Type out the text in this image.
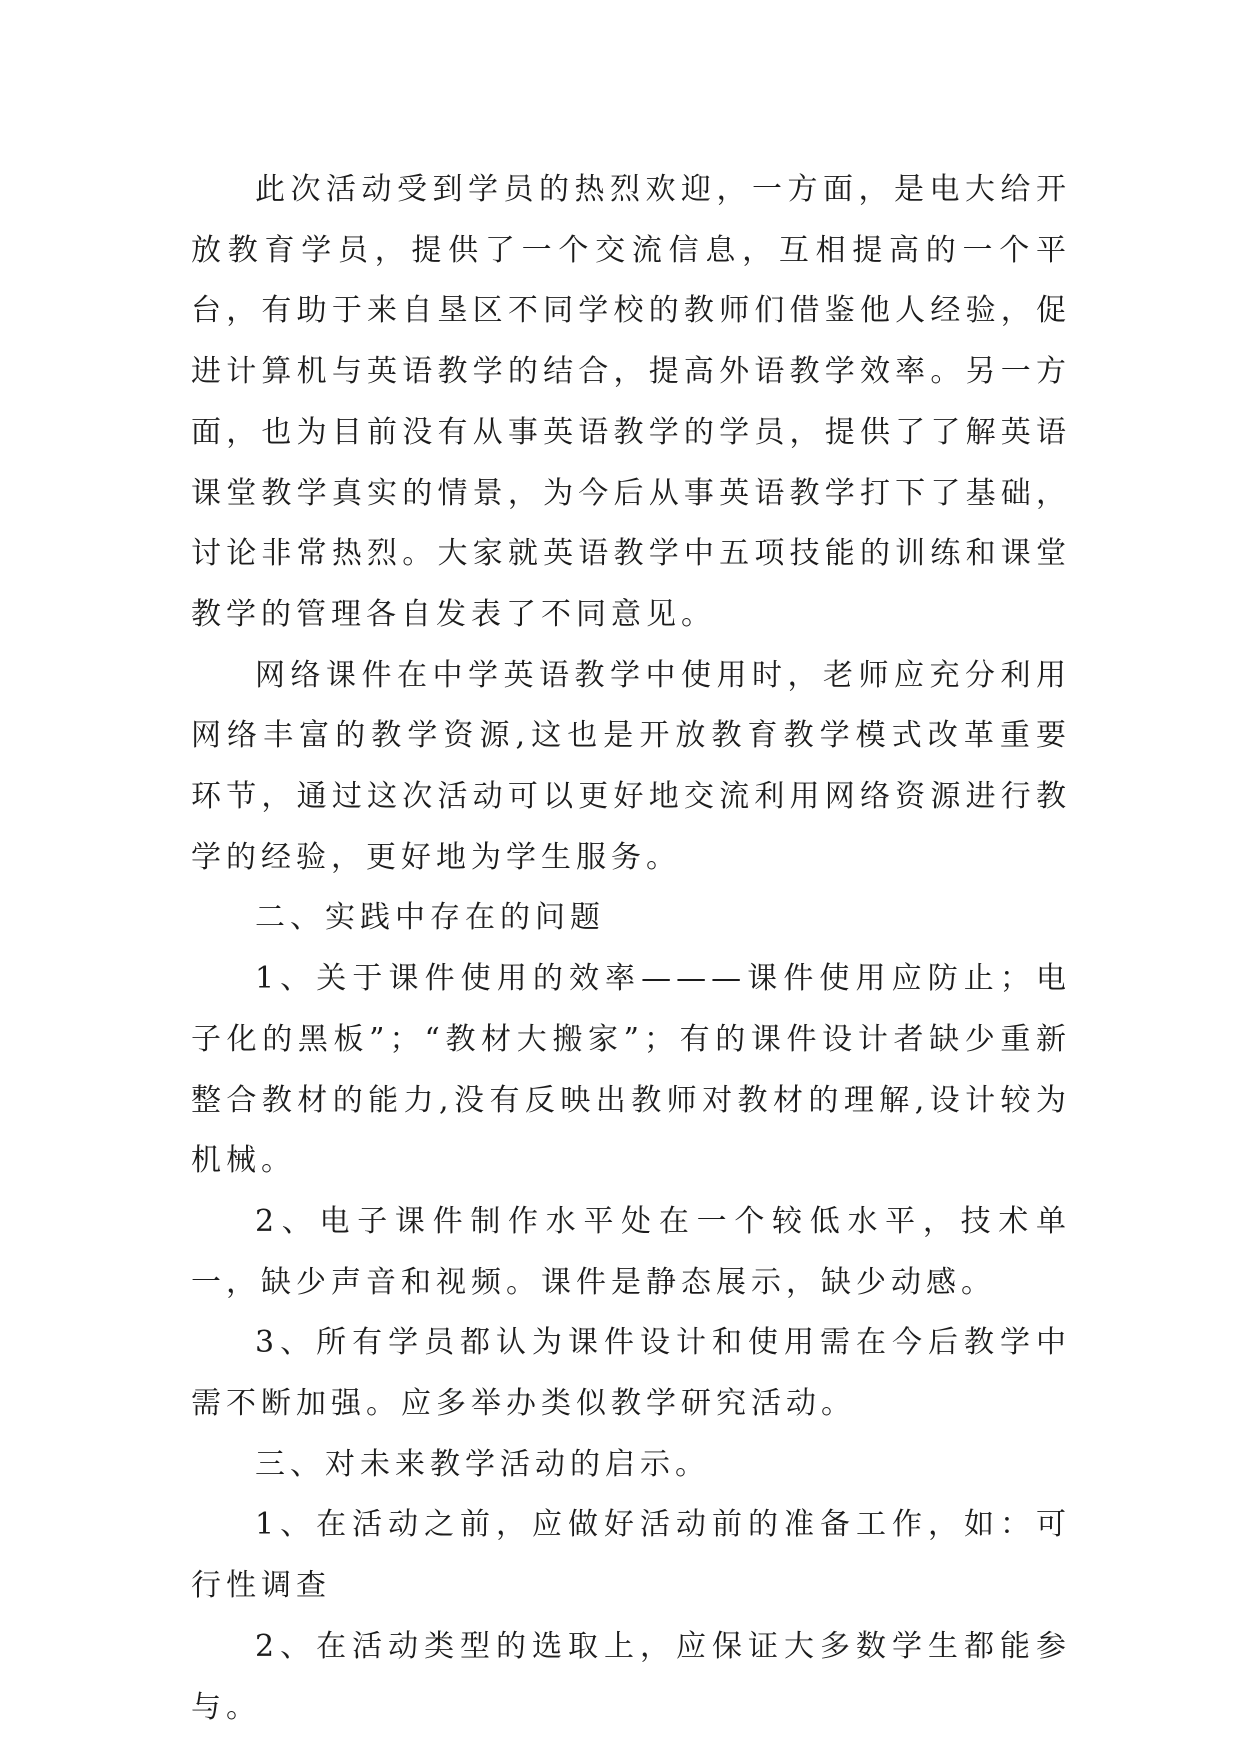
此次活动受到学员的热烈欢迎，一方面，是电大给开放教育学员，提供了一个交流信息，互相提高的一个平台，有助于来自垦区不同学校的教师们借鉴他人经验，促进计算机与英语教学的结合，提高外语教学效率。另一方面，也为目前没有从事英语教学的学员，提供了了解英语课堂教学真实的情景，为今后从事英语教学打下了基础，讨论非常热烈。大家就英语教学中五项技能的训练和课堂教学的管理各自发表了不同意见。

网络课件在中学英语教学中使用时，老师应充分利用网络丰富的教学资源,这也是开放教育教学模式改革重要环节，通过这次活动可以更好地交流利用网络资源进行教学的经验，更好地为学生服务。

二、实践中存在的问题

1、关于课件使用的效率———课件使用应防止；电子化的黑板”；“教材大搬家”；有的课件设计者缺少重新整合教材的能力,没有反映出教师对教材的理解,设计较为机械。

2、电子课件制作水平处在一个较低水平，技术单一，缺少声音和视频。课件是静态展示，缺少动感。

3、所有学员都认为课件设计和使用需在今后教学中需不断加强。应多举办类似教学研究活动。

三、对未来教学活动的启示。

1、在活动之前，应做好活动前的准备工作，如：可行性调查

2、在活动类型的选取上，应保证大多数学生都能参与。
